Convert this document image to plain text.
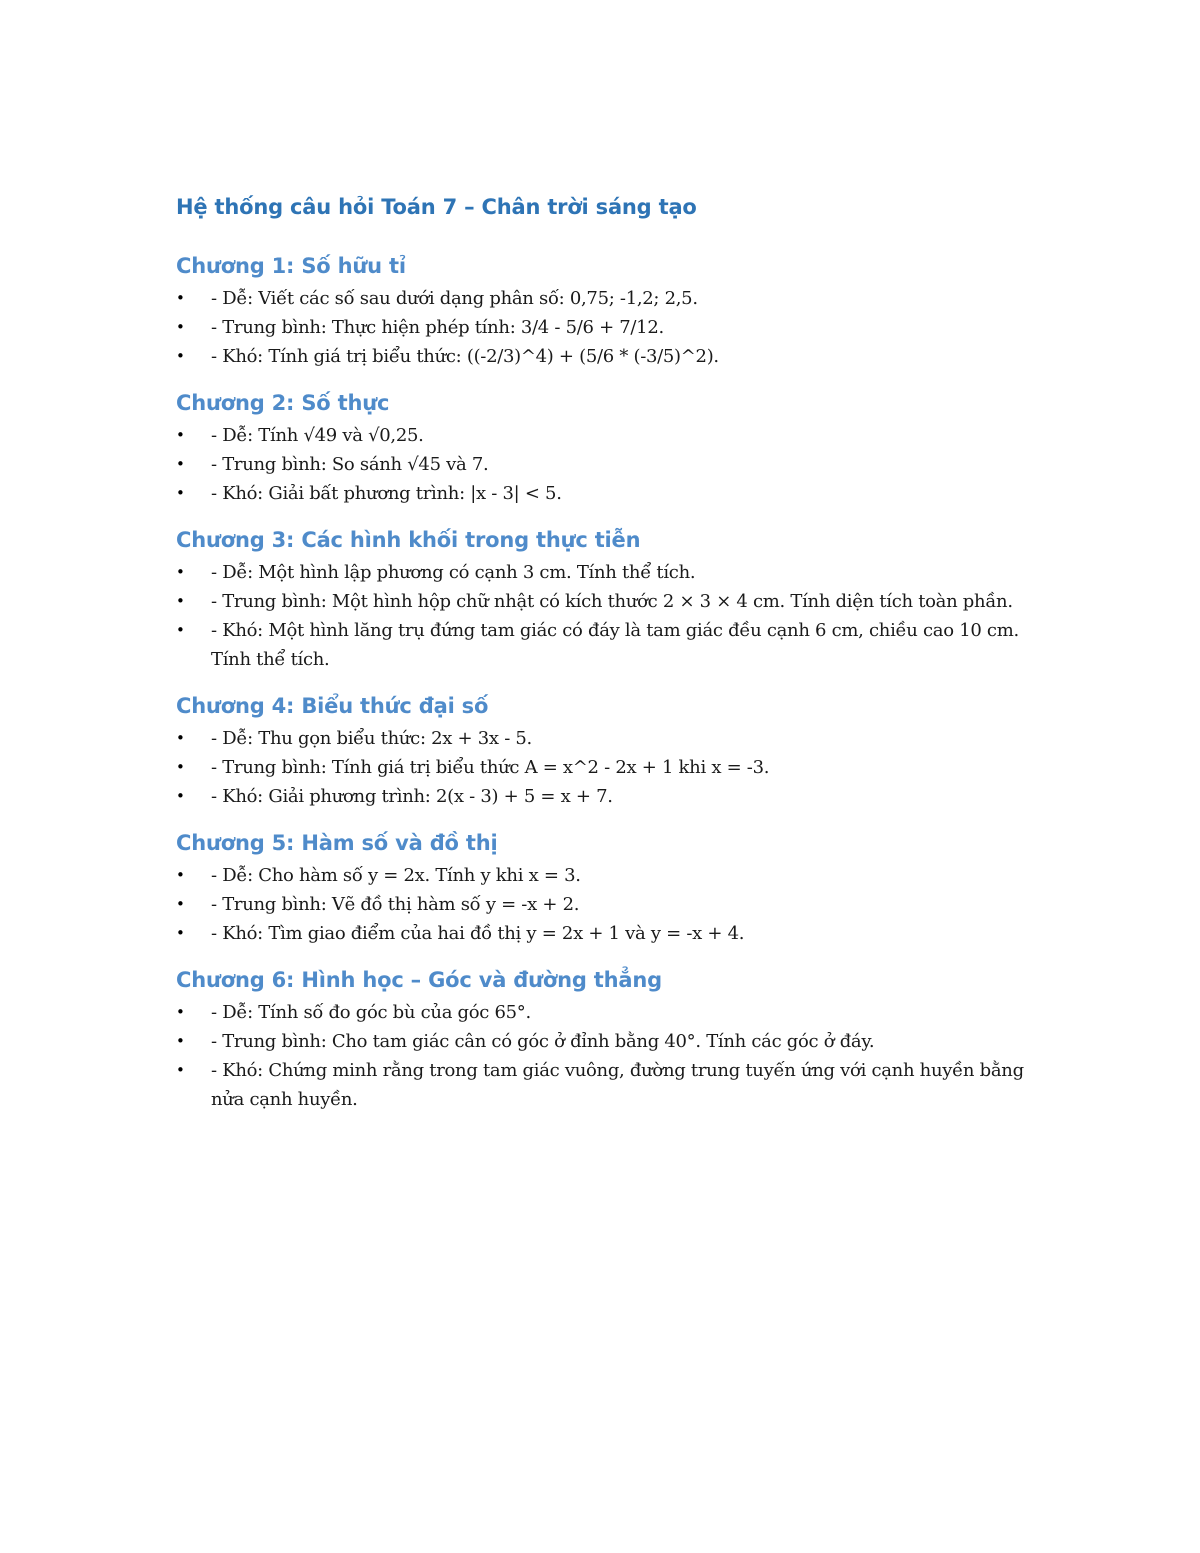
Hệ thống câu hỏi Toán 7 – Chân trời sáng tạo
Chương 1: Số hữu tỉ
• - Dễ: Viết các số sau dưới dạng phân số: 0,75; -1,2; 2,5.
• - Trung bình: Thực hiện phép tính: 3/4 - 5/6 + 7/12.
• - Khó: Tính giá trị biểu thức: ((-2/3)^4) + (5/6 * (-3/5)^2).
Chương 2: Số thực
• - Dễ: Tính √49 và √0,25.
• - Trung bình: So sánh √45 và 7.
• - Khó: Giải bất phương trình: |x - 3| < 5.
Chương 3: Các hình khối trong thực tiễn
• - Dễ: Một hình lập phương có cạnh 3 cm. Tính thể tích.
• - Trung bình: Một hình hộp chữ nhật có kích thước 2 × 3 × 4 cm. Tính diện tích toàn phần.
• - Khó: Một hình lăng trụ đứng tam giác có đáy là tam giác đều cạnh 6 cm, chiều cao 10 cm. Tính thể tích.
Chương 4: Biểu thức đại số
• - Dễ: Thu gọn biểu thức: 2x + 3x - 5.
• - Trung bình: Tính giá trị biểu thức A = x^2 - 2x + 1 khi x = -3.
• - Khó: Giải phương trình: 2(x - 3) + 5 = x + 7.
Chương 5: Hàm số và đồ thị
• - Dễ: Cho hàm số y = 2x. Tính y khi x = 3.
• - Trung bình: Vẽ đồ thị hàm số y = -x + 2.
• - Khó: Tìm giao điểm của hai đồ thị y = 2x + 1 và y = -x + 4.
Chương 6: Hình học – Góc và đường thẳng
• - Dễ: Tính số đo góc bù của góc 65°.
• - Trung bình: Cho tam giác cân có góc ở đỉnh bằng 40°. Tính các góc ở đáy.
• - Khó: Chứng minh rằng trong tam giác vuông, đường trung tuyến ứng với cạnh huyền bằng nửa cạnh huyền.
